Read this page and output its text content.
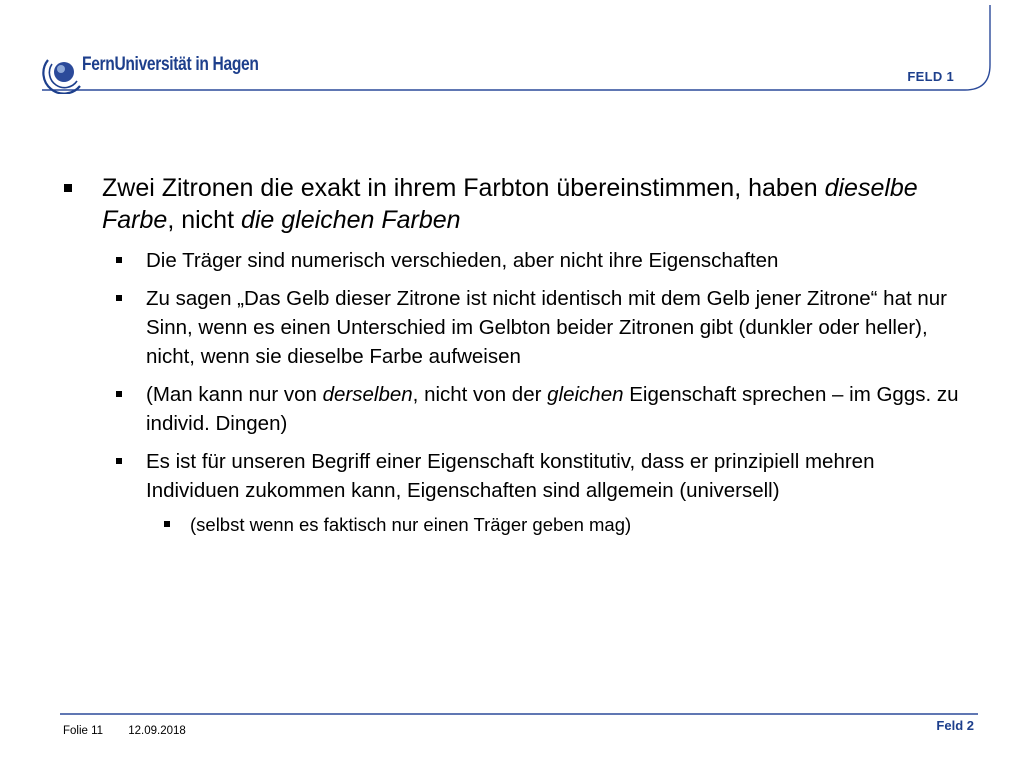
FernUniversität in Hagen
FELD 1
Zwei Zitronen die exakt in ihrem Farbton übereinstimmen, haben dieselbe Farbe, nicht die gleichen Farben
Die Träger sind numerisch verschieden, aber nicht ihre Eigenschaften
Zu sagen „Das Gelb dieser Zitrone ist nicht identisch mit dem Gelb jener Zitrone“ hat nur Sinn, wenn es einen Unterschied im Gelbton beider Zitronen gibt (dunkler oder heller), nicht, wenn sie dieselbe Farbe aufweisen
(Man kann nur von derselben, nicht von der gleichen Eigenschaft sprechen – im Gggs. zu individ. Dingen)
Es ist für unseren Begriff einer Eigenschaft konstitutiv, dass er prinzipiell mehren Individuen zukommen kann, Eigenschaften sind allgemein (universell)
(selbst wenn es faktisch nur einen Träger geben mag)
Folie 11 12.09.2018	Feld 2
